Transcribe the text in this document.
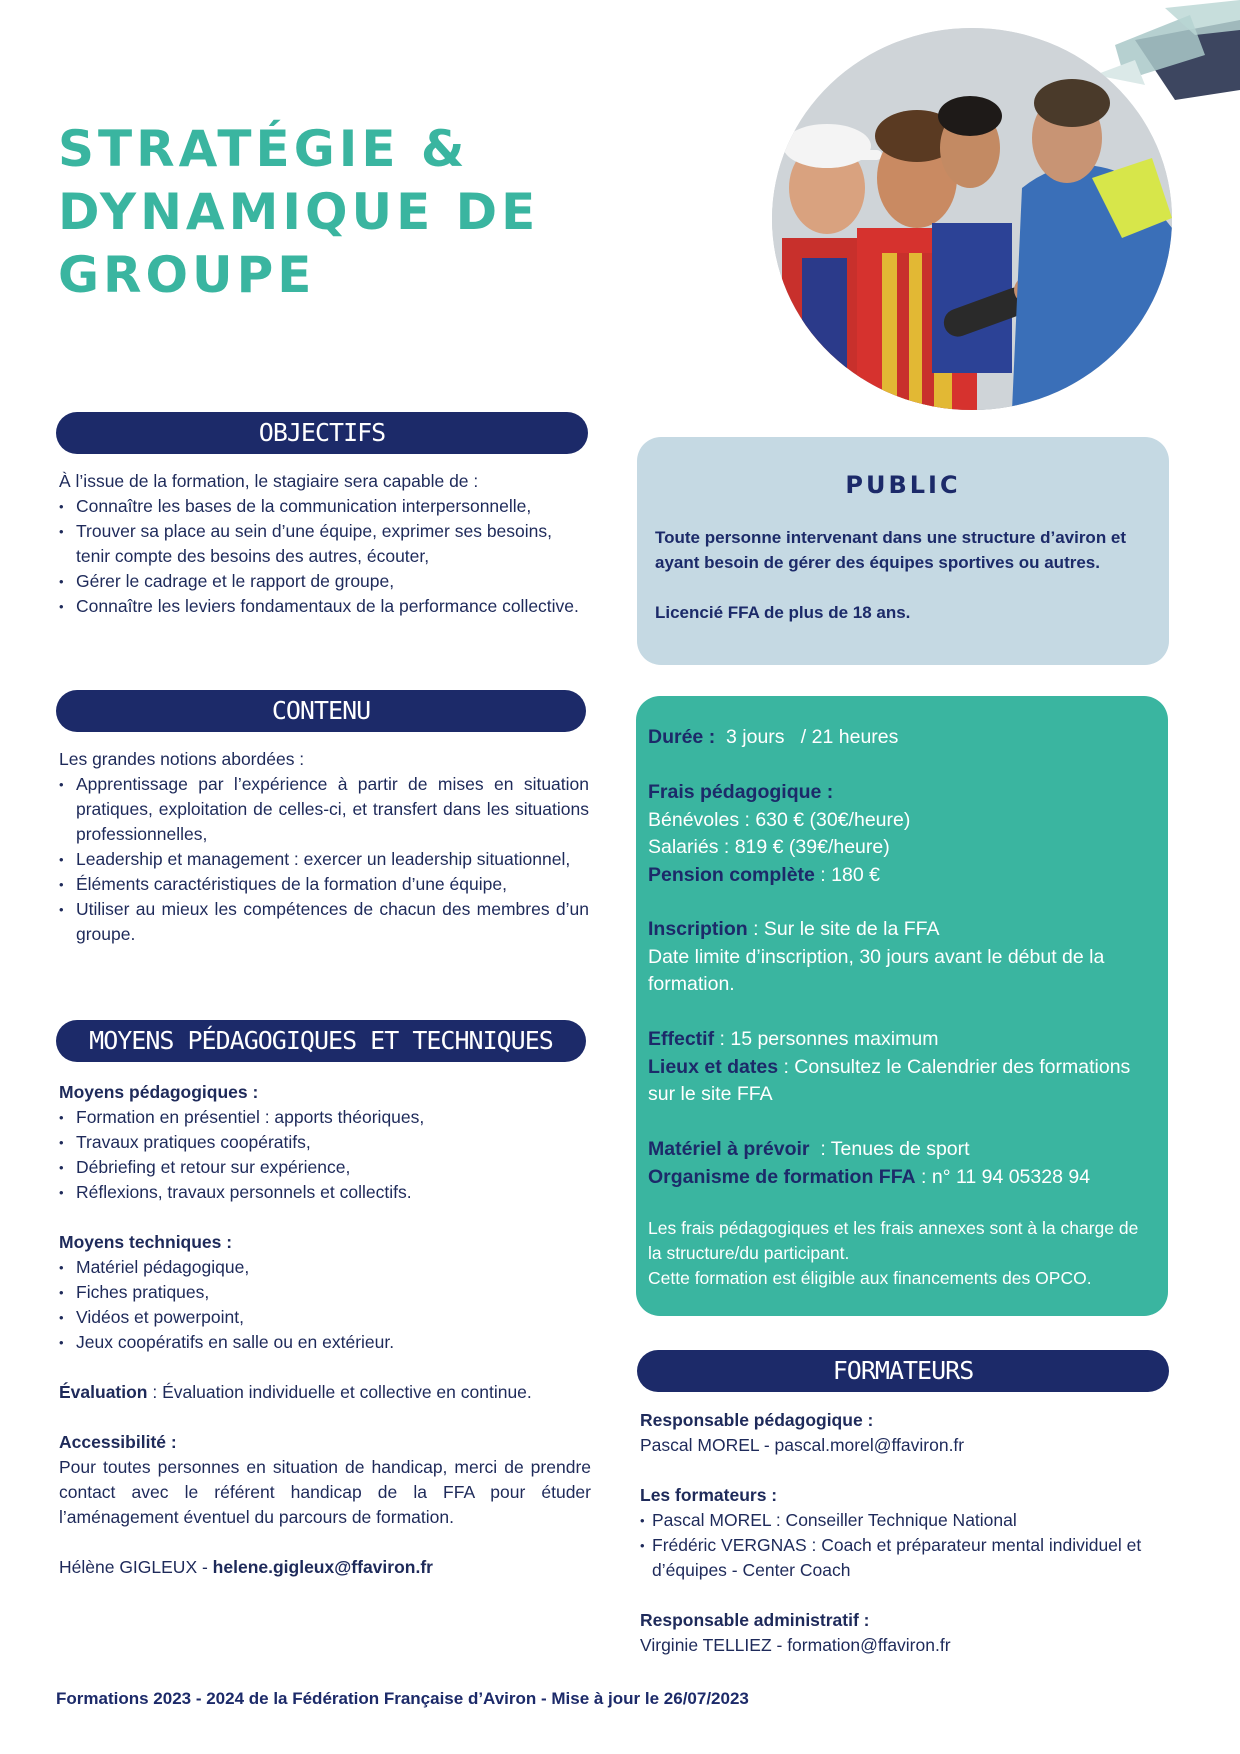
STRATÉGIE &
DYNAMIQUE DE
GROUPE
OBJECTIFS

À l’issue de la formation, le stagiaire sera capable de :

• Connaître les bases de la communication interpersonnelle,
• Trouver sa place au sein d’une équipe, exprimer ses besoins, tenir compte des besoins des autres, écouter,
• Gérer le cadrage et le rapport de groupe,
• Connaître les leviers fondamentaux de la performance collective.
CONTENU

Les grandes notions abordées :

• Apprentissage par l’expérience à partir de mises en situation pratiques, exploitation de celles-ci, et transfert dans les situations professionnelles,
• Leadership et management : exercer un leadership situationnel,
• Éléments caractéristiques de la formation d’une équipe,
• Utiliser au mieux les compétences de chacun des membres d’un groupe.
MOYENS PÉDAGOGIQUES ET TECHNIQUES

Moyens pédagogiques :

• Formation en présentiel : apports théoriques,
• Travaux pratiques coopératifs,
• Débriefing et retour sur expérience,
• Réflexions, travaux personnels et collectifs.

Moyens techniques :

• Matériel pédagogique,
• Fiches pratiques,
• Vidéos et powerpoint,
• Jeux coopératifs en salle ou en extérieur.

Évaluation : Évaluation individuelle et collective en continue.

Accessibilité :

Pour toutes personnes en situation de handicap, merci de prendre contact avec le référent handicap de la FFA pour étuder l’aménagement éventuel du parcours de formation.

Hélène GIGLEUX - helene.gigleux@ffaviron.fr

PUBLIC
Toute personne intervenant dans une structure d’aviron et ayant besoin de gérer des équipes sportives ou autres.
Licencié FFA de plus de 18 ans.
Durée :  3 jours   / 21 heures
Frais pédagogique :
Bénévoles : 630 € (30€/heure)
Salariés : 819 € (39€/heure)
Pension complète : 180 €
Inscription : Sur le site de la FFA
Date limite d’inscription, 30 jours avant le début de la formation.
Effectif : 15 personnes maximum
Lieux et dates : Consultez le Calendrier des formations sur le site FFA
Matériel à prévoir  : Tenues de sport
Organisme de formation FFA : n° 11 94 05328 94
Les frais pédagogiques et les frais annexes sont à la charge de la structure/du participant.
Cette formation est éligible aux financements des OPCO.
FORMATEURS

Responsable pédagogique :

Pascal MOREL - pascal.morel@ffaviron.fr

Les formateurs :

• Pascal MOREL : Conseiller Technique National
• Frédéric VERGNAS : Coach et préparateur mental individuel et d’équipes - Center Coach

Responsable administratif :

Virginie TELLIEZ - formation@ffaviron.fr

Formations 2023 - 2024 de la Fédération Française d’Aviron - Mise à jour le 26/07/2023
